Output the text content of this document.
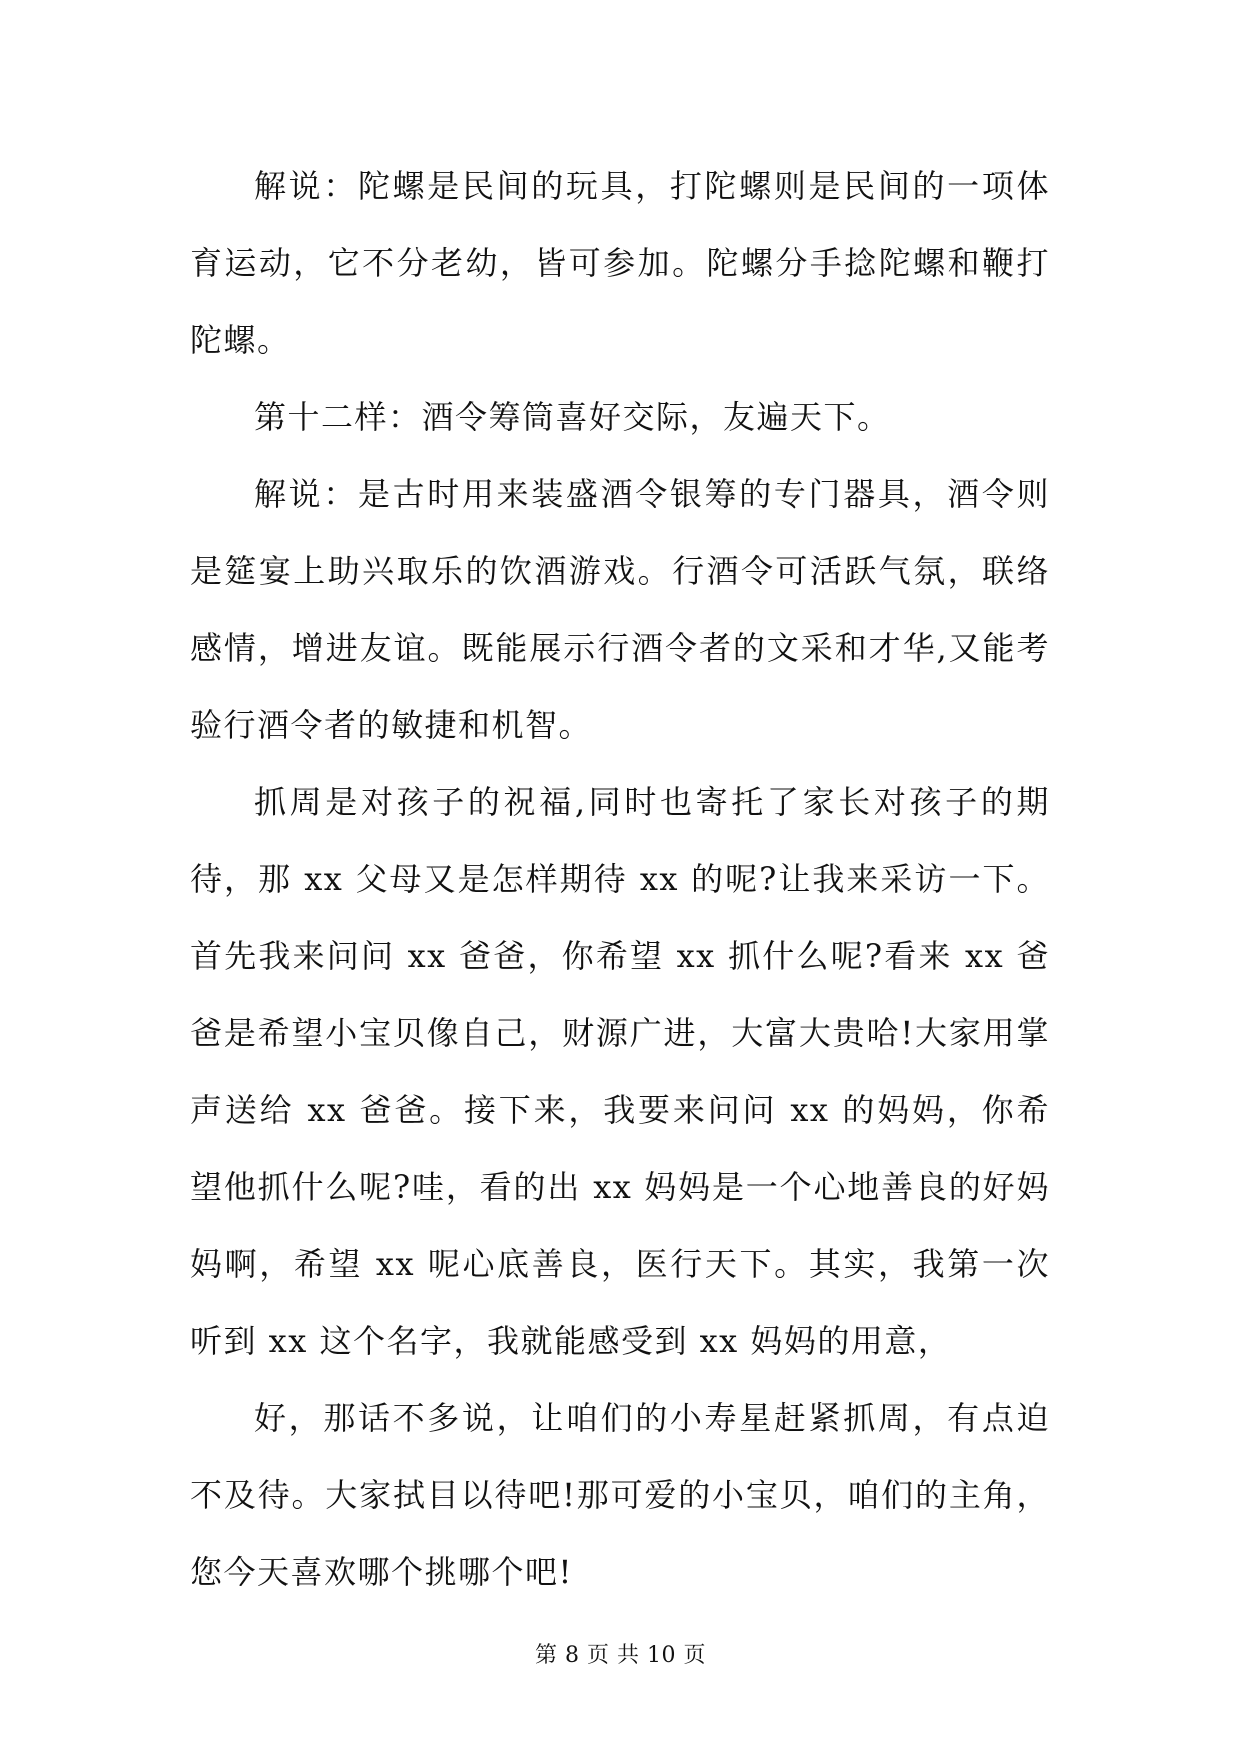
解说：陀螺是民间的玩具，打陀螺则是民间的一项体育运动，它不分老幼，皆可参加。陀螺分手捻陀螺和鞭打陀螺。

第十二样：酒令筹筒喜好交际，友遍天下。

解说：是古时用来装盛酒令银筹的专门器具，酒令则是筵宴上助兴取乐的饮酒游戏。行酒令可活跃气氛，联络感情，增进友谊。既能展示行酒令者的文采和才华,又能考验行酒令者的敏捷和机智。

抓周是对孩子的祝福,同时也寄托了家长对孩子的期待，那 xx 父母又是怎样期待 xx 的呢?让我来采访一下。首先我来问问 xx 爸爸，你希望 xx 抓什么呢?看来 xx 爸爸是希望小宝贝像自己，财源广进，大富大贵哈!大家用掌声送给 xx 爸爸。接下来，我要来问问 xx 的妈妈，你希望他抓什么呢?哇，看的出 xx 妈妈是一个心地善良的好妈妈啊，希望 xx 呢心底善良，医行天下。其实，我第一次听到 xx 这个名字，我就能感受到 xx 妈妈的用意，

好，那话不多说，让咱们的小寿星赶紧抓周，有点迫不及待。大家拭目以待吧!那可爱的小宝贝，咱们的主角，您今天喜欢哪个挑哪个吧!

第 8 页 共 10 页
